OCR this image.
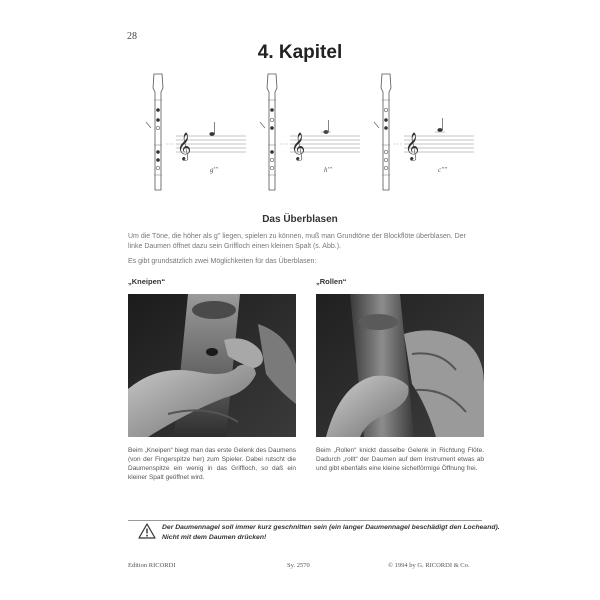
28
4. Kapitel
𝄞
g'''
𝄞
h'''
𝄞
c''''
Das Überblasen
Um die Töne, die höher als g'' liegen, spielen zu können, muß man Grundtöne der Blockflöte überblasen. Der linke Daumen öffnet dazu sein Griffloch einen kleinen Spalt (s. Abb.).
Es gibt grundsätzlich zwei Möglichkeiten für das Überblasen:
„Kneipen“
Beim „Kneipen“ biegt man das erste Gelenk des Daumens (von der Fingerspitze her) zum Spieler. Dabei rutscht die Daumenspitze ein wenig in das Griffloch, so daß ein kleiner Spalt geöffnet wird.
„Rollen“
Beim „Rollen“ knickt dasselbe Gelenk in Richtung Flöte. Dadurch „rollt“ der Daumen auf dem Instrument etwas ab und gibt ebenfalls eine kleine sichelförmige Öffnung frei.
Der Daumennagel soll immer kurz geschnitten sein (ein langer Daumennagel beschädigt den Locheand). Nicht mit dem Daumen drücken!
Edition RICORDI	Sy. 2570	© 1994 by G. RICORDI & Co.
